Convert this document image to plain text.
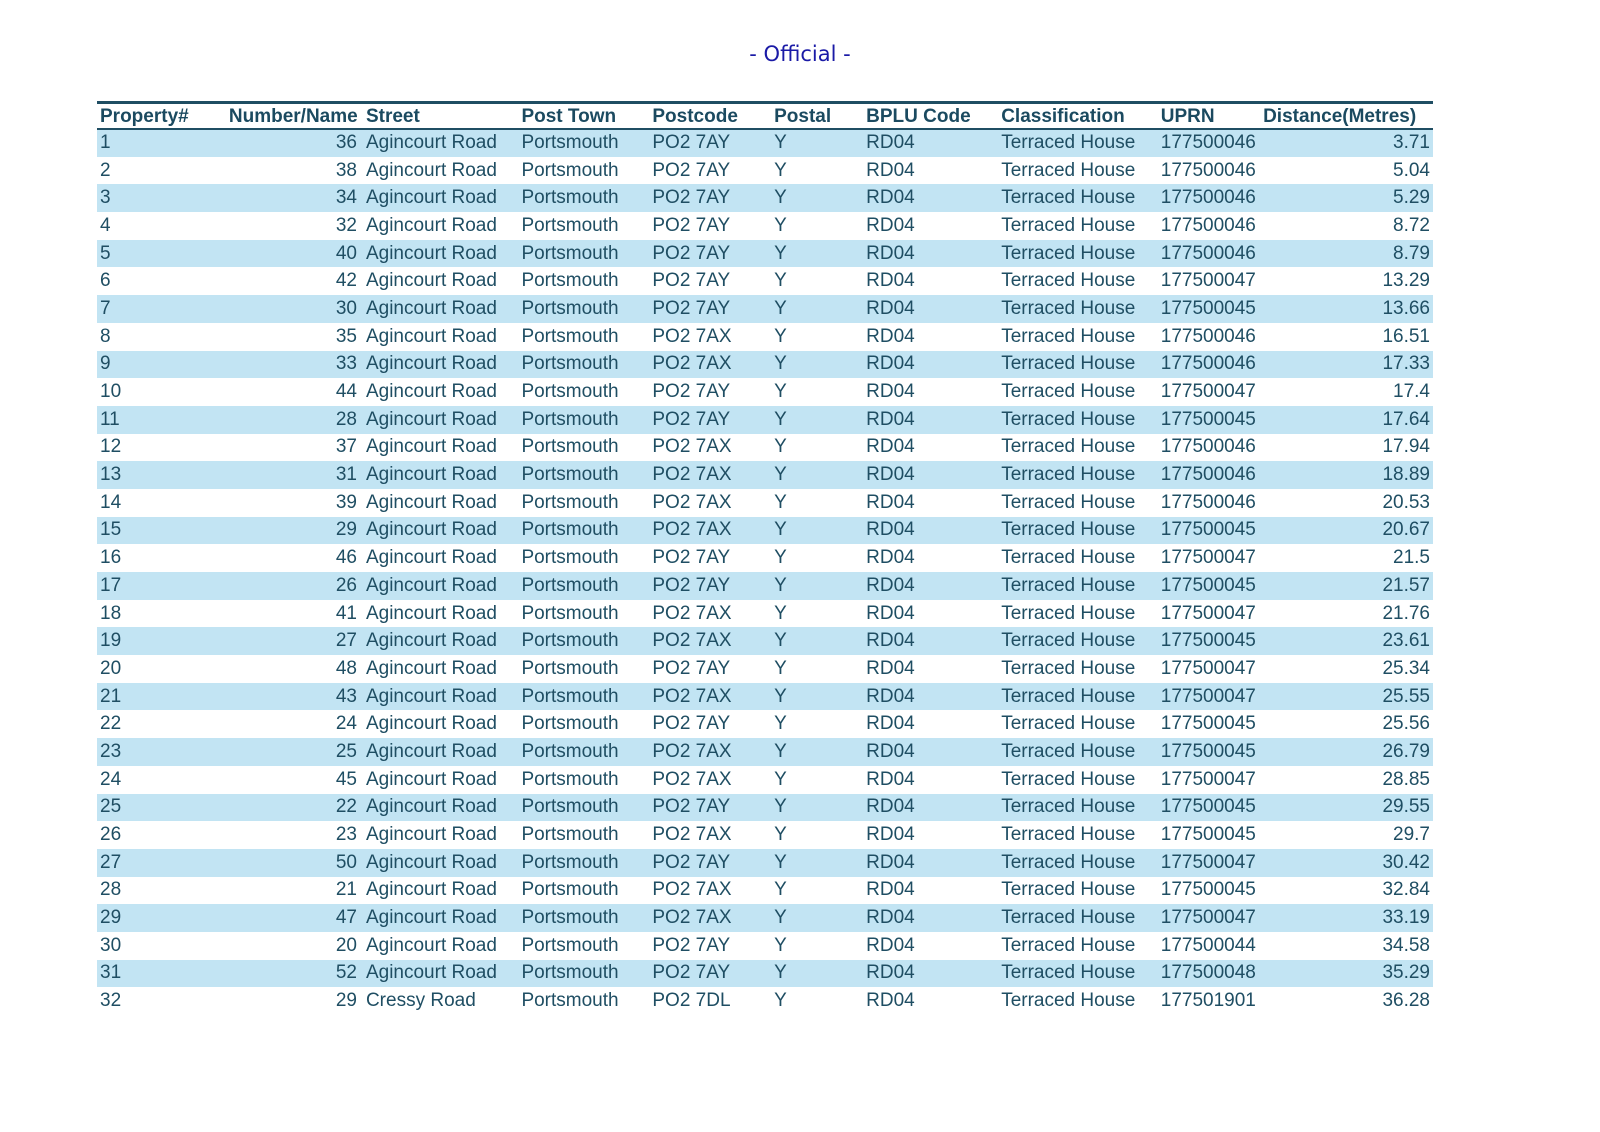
- Official -
Property#	Number/Name	Street	Post Town	Postcode	Postal	BPLU Code	Classification	UPRN	Distance(Metres)
1	36	Agincourt Road	Portsmouth	PO2 7AY	Y	RD04	Terraced House	177500046	3.71
2	38	Agincourt Road	Portsmouth	PO2 7AY	Y	RD04	Terraced House	177500046	5.04
3	34	Agincourt Road	Portsmouth	PO2 7AY	Y	RD04	Terraced House	177500046	5.29
4	32	Agincourt Road	Portsmouth	PO2 7AY	Y	RD04	Terraced House	177500046	8.72
5	40	Agincourt Road	Portsmouth	PO2 7AY	Y	RD04	Terraced House	177500046	8.79
6	42	Agincourt Road	Portsmouth	PO2 7AY	Y	RD04	Terraced House	177500047	13.29
7	30	Agincourt Road	Portsmouth	PO2 7AY	Y	RD04	Terraced House	177500045	13.66
8	35	Agincourt Road	Portsmouth	PO2 7AX	Y	RD04	Terraced House	177500046	16.51
9	33	Agincourt Road	Portsmouth	PO2 7AX	Y	RD04	Terraced House	177500046	17.33
10	44	Agincourt Road	Portsmouth	PO2 7AY	Y	RD04	Terraced House	177500047	17.4
11	28	Agincourt Road	Portsmouth	PO2 7AY	Y	RD04	Terraced House	177500045	17.64
12	37	Agincourt Road	Portsmouth	PO2 7AX	Y	RD04	Terraced House	177500046	17.94
13	31	Agincourt Road	Portsmouth	PO2 7AX	Y	RD04	Terraced House	177500046	18.89
14	39	Agincourt Road	Portsmouth	PO2 7AX	Y	RD04	Terraced House	177500046	20.53
15	29	Agincourt Road	Portsmouth	PO2 7AX	Y	RD04	Terraced House	177500045	20.67
16	46	Agincourt Road	Portsmouth	PO2 7AY	Y	RD04	Terraced House	177500047	21.5
17	26	Agincourt Road	Portsmouth	PO2 7AY	Y	RD04	Terraced House	177500045	21.57
18	41	Agincourt Road	Portsmouth	PO2 7AX	Y	RD04	Terraced House	177500047	21.76
19	27	Agincourt Road	Portsmouth	PO2 7AX	Y	RD04	Terraced House	177500045	23.61
20	48	Agincourt Road	Portsmouth	PO2 7AY	Y	RD04	Terraced House	177500047	25.34
21	43	Agincourt Road	Portsmouth	PO2 7AX	Y	RD04	Terraced House	177500047	25.55
22	24	Agincourt Road	Portsmouth	PO2 7AY	Y	RD04	Terraced House	177500045	25.56
23	25	Agincourt Road	Portsmouth	PO2 7AX	Y	RD04	Terraced House	177500045	26.79
24	45	Agincourt Road	Portsmouth	PO2 7AX	Y	RD04	Terraced House	177500047	28.85
25	22	Agincourt Road	Portsmouth	PO2 7AY	Y	RD04	Terraced House	177500045	29.55
26	23	Agincourt Road	Portsmouth	PO2 7AX	Y	RD04	Terraced House	177500045	29.7
27	50	Agincourt Road	Portsmouth	PO2 7AY	Y	RD04	Terraced House	177500047	30.42
28	21	Agincourt Road	Portsmouth	PO2 7AX	Y	RD04	Terraced House	177500045	32.84
29	47	Agincourt Road	Portsmouth	PO2 7AX	Y	RD04	Terraced House	177500047	33.19
30	20	Agincourt Road	Portsmouth	PO2 7AY	Y	RD04	Terraced House	177500044	34.58
31	52	Agincourt Road	Portsmouth	PO2 7AY	Y	RD04	Terraced House	177500048	35.29
32	29	Cressy Road	Portsmouth	PO2 7DL	Y	RD04	Terraced House	177501901	36.28
